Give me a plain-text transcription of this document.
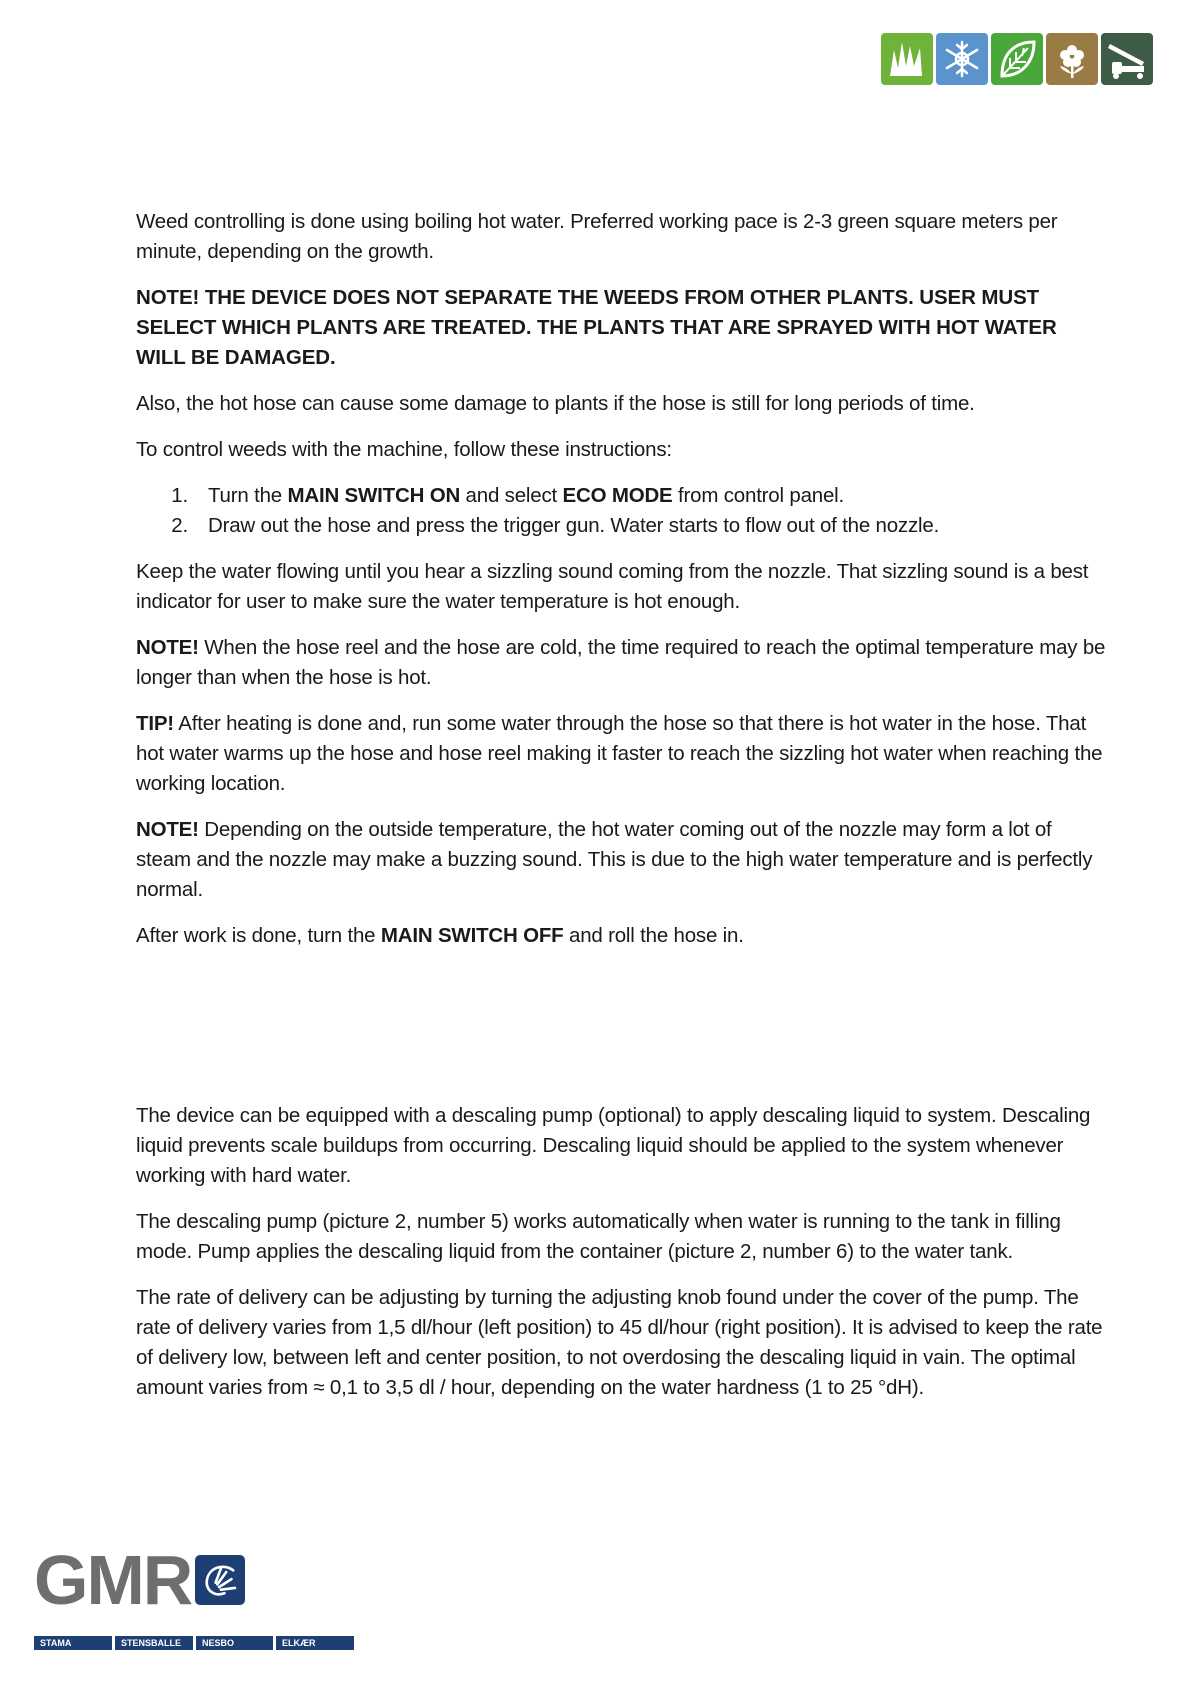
Weed controlling is done using boiling hot water. Preferred working pace is 2-3 green square meters per minute, depending on the growth.

NOTE! THE DEVICE DOES NOT SEPARATE THE WEEDS FROM OTHER PLANTS. USER MUST SELECT WHICH PLANTS ARE TREATED. THE PLANTS THAT ARE SPRAYED WITH HOT WATER WILL BE DAMAGED.

Also, the hot hose can cause some damage to plants if the hose is still for long periods of time.

To control weeds with the machine, follow these instructions:

1. Turn the MAIN SWITCH ON and select ECO MODE from control panel.
2. Draw out the hose and press the trigger gun. Water starts to flow out of the nozzle.

Keep the water flowing until you hear a sizzling sound coming from the nozzle. That sizzling sound is a best indicator for user to make sure the water temperature is hot enough.

NOTE! When the hose reel and the hose are cold, the time required to reach the optimal temperature may be longer than when the hose is hot.

TIP! After heating is done and, run some water through the hose so that there is hot water in the hose. That hot water warms up the hose and hose reel making it faster to reach the sizzling hot water when reaching the working location.

NOTE! Depending on the outside temperature, the hot water coming out of the nozzle may form a lot of steam and the nozzle may make a buzzing sound. This is due to the high water temperature and is perfectly normal.

After work is done, turn the MAIN SWITCH OFF and roll the hose in.

The device can be equipped with a descaling pump (optional) to apply descaling liquid to system. Descaling liquid prevents scale buildups from occurring. Descaling liquid should be applied to the system whenever working with hard water.

The descaling pump (picture 2, number 5) works automatically when water is running to the tank in filling mode. Pump applies the descaling liquid from the container (picture 2, number 6) to the water tank.

The rate of delivery can be adjusting by turning the adjusting knob found under the cover of the pump. The rate of delivery varies from 1,5 dl/hour (left position) to 45 dl/hour (right position). It is advised to keep the rate of delivery low, between left and center position, to not overdosing the descaling liquid in vain. The optimal amount varies from ≈ 0,1 to 3,5 dl / hour, depending on the water hardness (1 to 25 °dH).

GMR
STAMA	STENSBALLE	NESBO	ELKÆR
